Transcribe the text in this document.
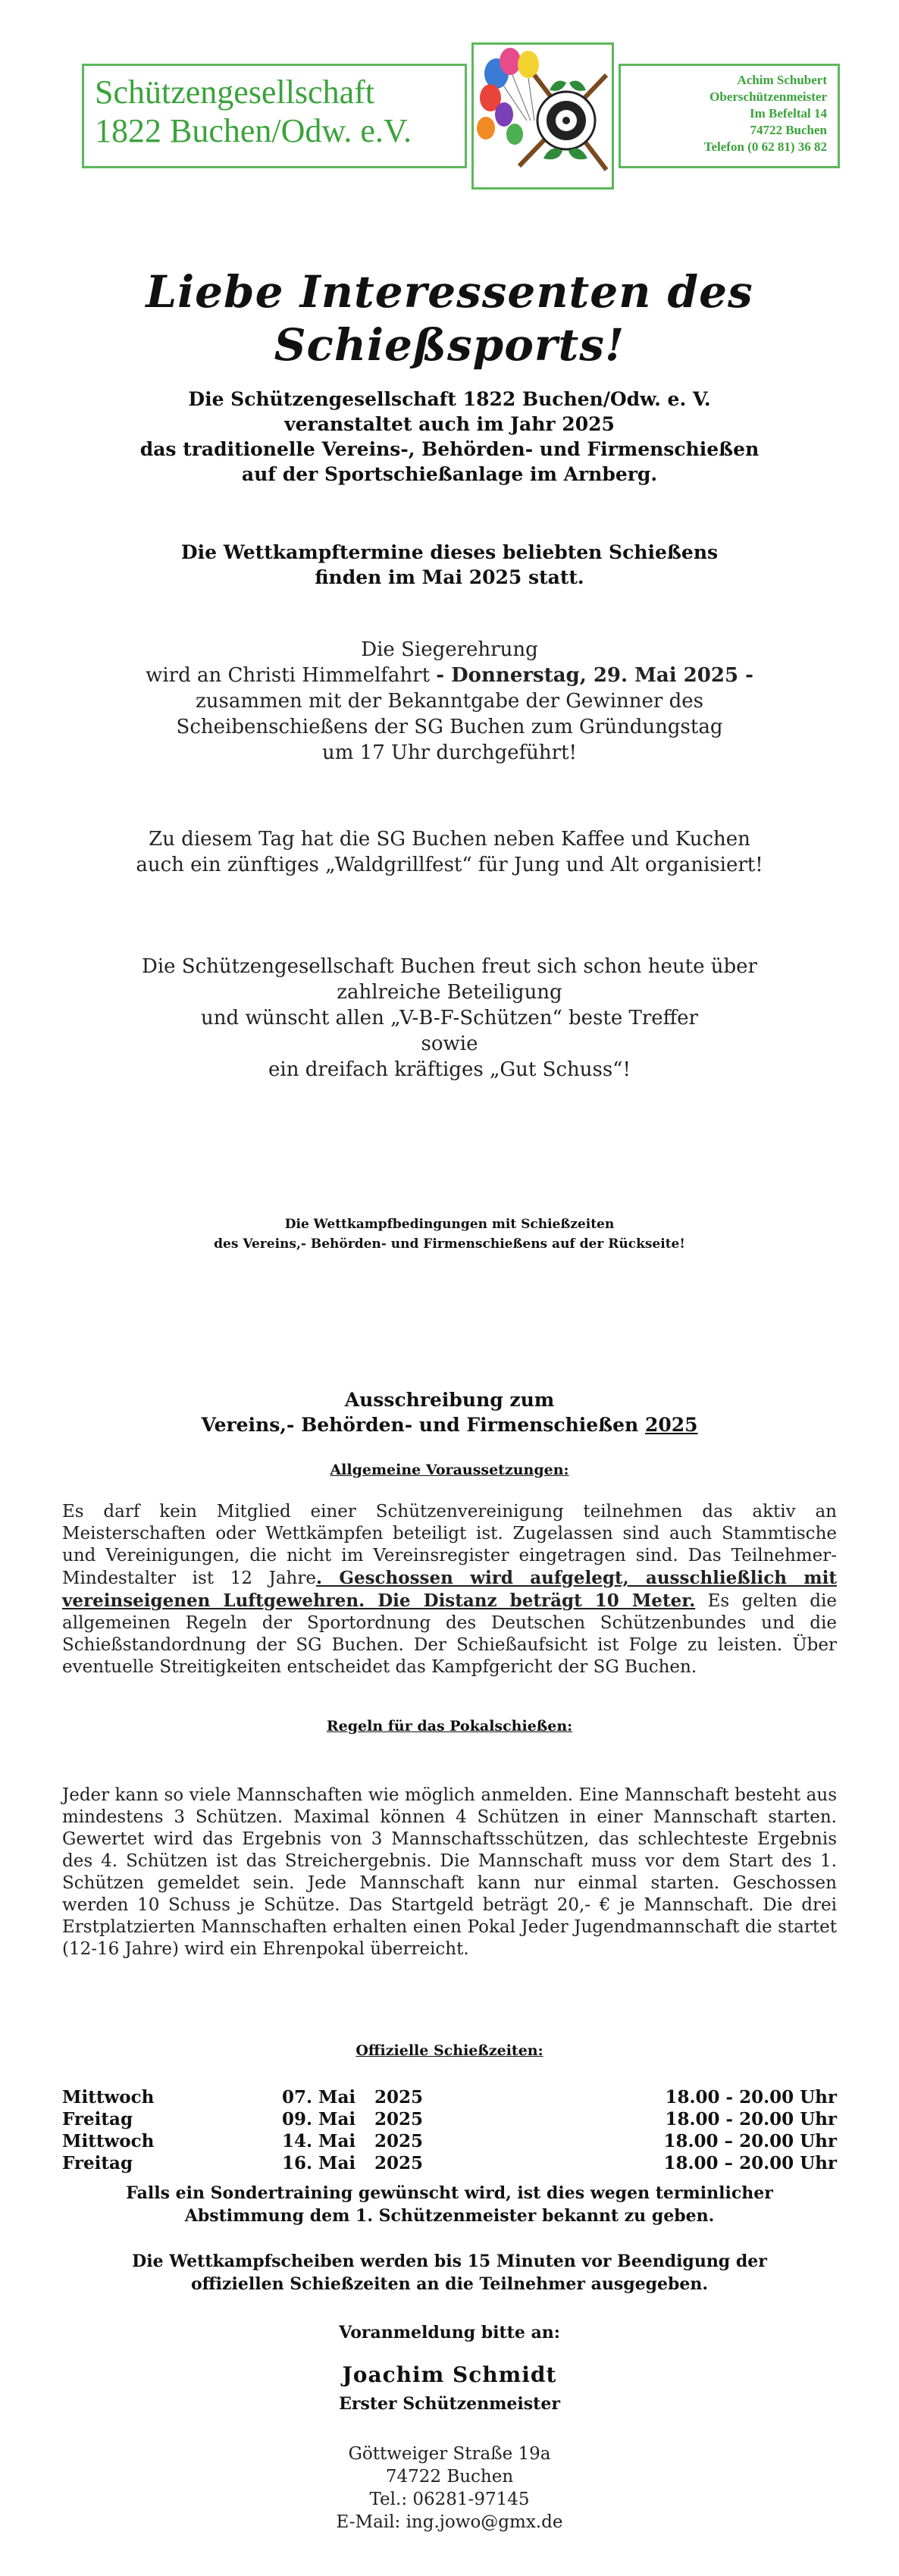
Schützengesellschaft
1822 Buchen/Odw. e.V.
Achim Schubert
Oberschützenmeister
Im Befeltal 14
74722 Buchen
Telefon (0 62 81) 36 82
Liebe Interessenten des Schießsports!
Die Schützengesellschaft 1822 Buchen/Odw. e. V.
veranstaltet auch im Jahr 2025
das traditionelle Vereins-, Behörden- und Firmenschießen
auf der Sportschießanlage im Arnberg.
Die Wettkampftermine dieses beliebten Schießens
finden im Mai 2025 statt.
Die Siegerehrung
wird an Christi Himmelfahrt - Donnerstag, 29. Mai 2025 -
zusammen mit der Bekanntgabe der Gewinner des
Scheibenschießens der SG Buchen zum Gründungstag
um 17 Uhr durchgeführt!
Zu diesem Tag hat die SG Buchen neben Kaffee und Kuchen
auch ein zünftiges „Waldgrillfest“ für Jung und Alt organisiert!
Die Schützengesellschaft Buchen freut sich schon heute über
zahlreiche Beteiligung
und wünscht allen „V-B-F-Schützen“ beste Treffer
sowie
ein dreifach kräftiges „Gut Schuss“!
Die Wettkampfbedingungen mit Schießzeiten
des Vereins,- Behörden- und Firmenschießens auf der Rückseite!
Ausschreibung zum
Vereins,- Behörden- und Firmenschießen 2025
Allgemeine Voraussetzungen:
Es darf kein Mitglied einer Schützenvereinigung teilnehmen das aktiv an Meisterschaften oder Wettkämpfen beteiligt ist. Zugelassen sind auch Stammtische und Vereinigungen, die nicht im Vereinsregister eingetragen sind. Das Teilnehmer-Mindestalter ist 12 Jahre. Geschossen wird aufgelegt, ausschließlich mit vereinseigenen Luftgewehren. Die Distanz beträgt 10 Meter. Es gelten die allgemeinen Regeln der Sportordnung des Deutschen Schützenbundes und die Schießstandordnung der SG Buchen. Der Schießaufsicht ist Folge zu leisten. Über eventuelle Streitigkeiten entscheidet das Kampfgericht der SG Buchen.
Regeln für das Pokalschießen:
Jeder kann so viele Mannschaften wie möglich anmelden. Eine Mannschaft besteht aus mindestens 3 Schützen. Maximal können 4 Schützen in einer Mannschaft starten. Gewertet wird das Ergebnis von 3 Mannschaftsschützen, das schlechteste Ergebnis des 4. Schützen ist das Streichergebnis. Die Mannschaft muss vor dem Start des 1. Schützen gemeldet sein. Jede Mannschaft kann nur einmal starten. Geschossen werden 10 Schuss je Schütze. Das Startgeld beträgt 20,- € je Mannschaft. Die drei Erstplatzierten Mannschaften erhalten einen Pokal Jeder Jugendmannschaft die startet (12-16 Jahre) wird ein Ehrenpokal überreicht.
Offizielle Schießzeiten:
Mittwoch	07. Mai	2025	18.00 - 20.00 Uhr
Freitag	09. Mai	2025	18.00 - 20.00 Uhr
Mittwoch	14. Mai	2025	18.00 – 20.00 Uhr
Freitag	16. Mai	2025	18.00 – 20.00 Uhr
Falls ein Sondertraining gewünscht wird, ist dies wegen terminlicher
Abstimmung dem 1. Schützenmeister bekannt zu geben.
Die Wettkampfscheiben werden bis 15 Minuten vor Beendigung der
offiziellen Schießzeiten an die Teilnehmer ausgegeben.
Voranmeldung bitte an:
Joachim Schmidt
Erster Schützenmeister
Göttweiger Straße 19a
74722 Buchen
Tel.: 06281-97145
E-Mail: ing.jowo@gmx.de
